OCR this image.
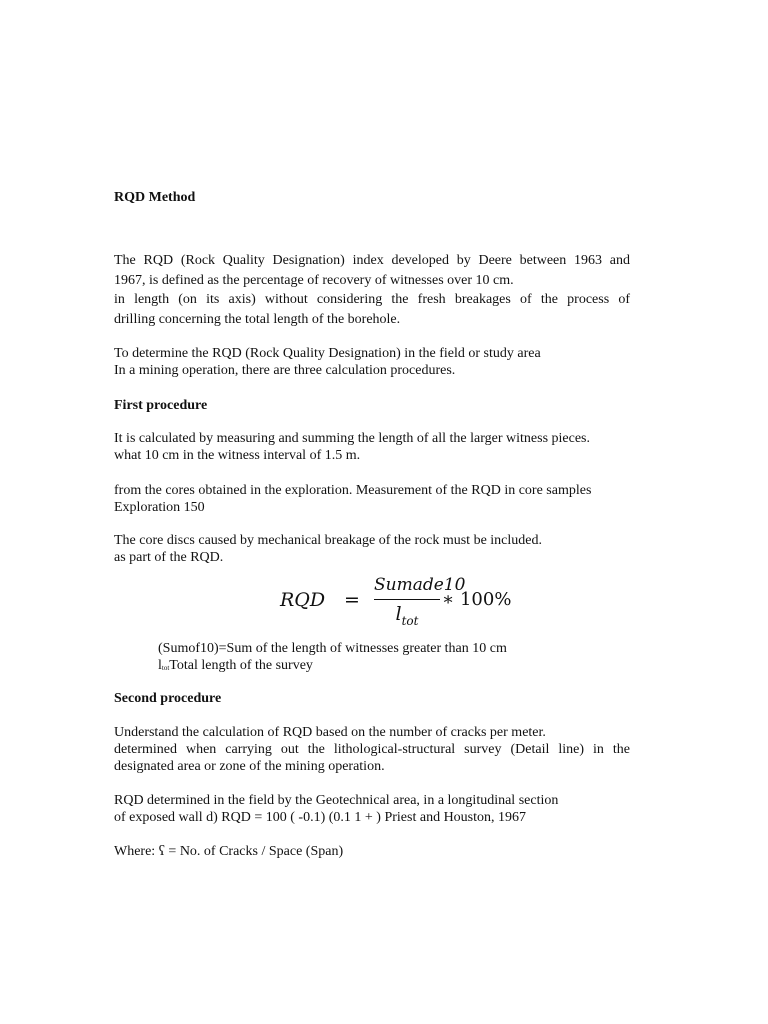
RQD Method
The RQD (Rock Quality Designation) index developed by Deere between 1963 and
1967, is defined as the percentage of recovery of witnesses over 10 cm.
in length (on its axis) without considering the fresh breakages of the process of
drilling concerning the total length of the borehole.
To determine the RQD (Rock Quality Designation) in the field or study area
In a mining operation, there are three calculation procedures.
First procedure
It is calculated by measuring and summing the length of all the larger witness pieces.
what 10 cm in the witness interval of 1.5 m.
from the cores obtained in the exploration. Measurement of the RQD in core samples
Exploration 150
The core discs caused by mechanical breakage of the rock must be included.
as part of the RQD.
RQD =
Sumade10
$l_{tot}$
∗ 100%
(Sumof10)=Sum of the length of witnesses greater than 10 cm
ltotTotal length of the survey
Second procedure
Understand the calculation of RQD based on the number of cracks per meter.
determined when carrying out the lithological-structural survey (Detail line) in the
designated area or zone of the mining operation.
RQD determined in the field by the Geotechnical area, in a longitudinal section
of exposed wall d) RQD = 100 ( -0.1) (0.1 1 + ) Priest and Houston, 1967
Where: ʕ = No. of Cracks / Space (Span)
